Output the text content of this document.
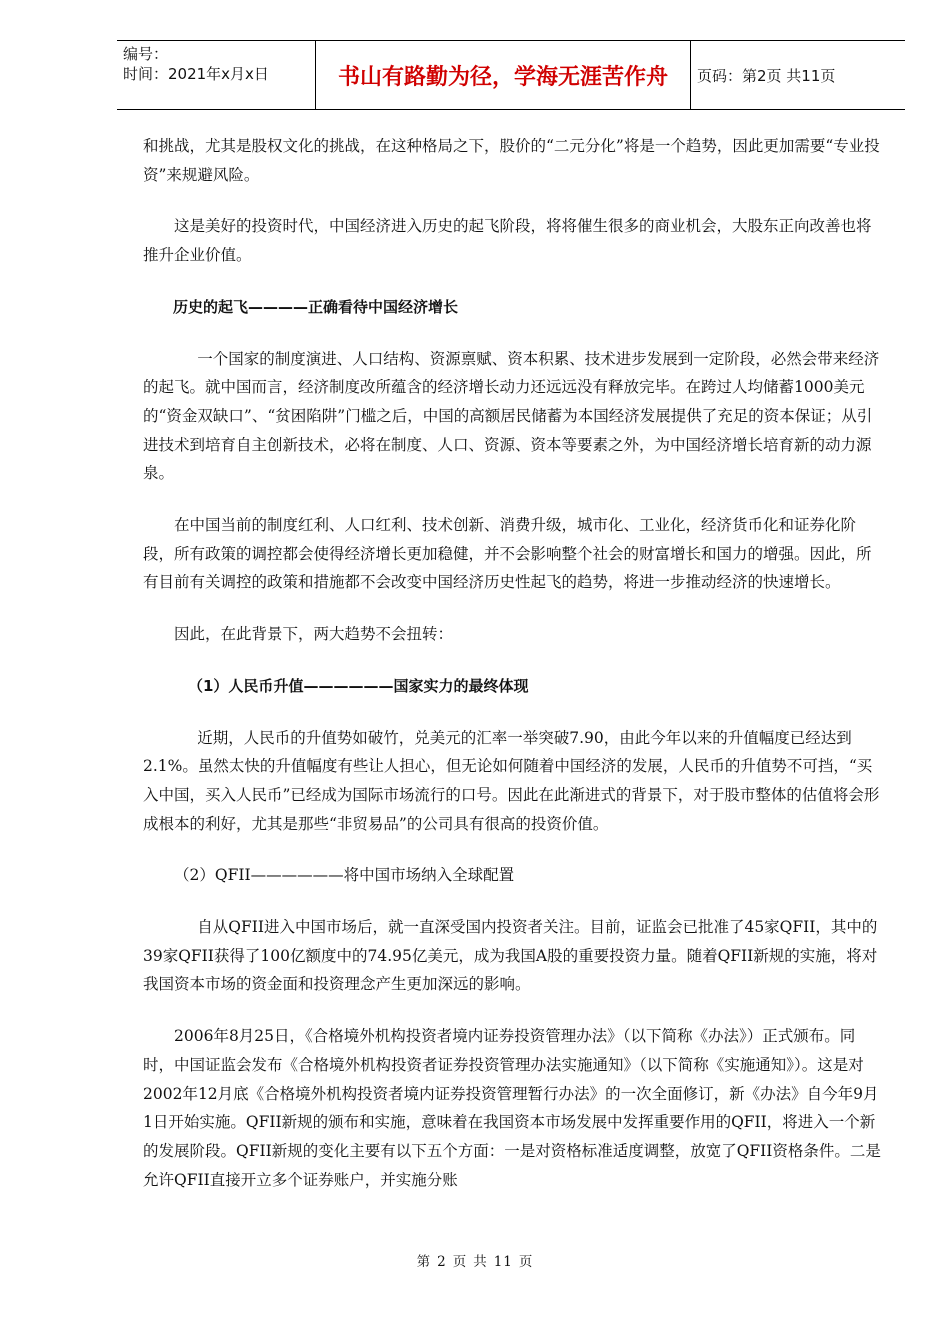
编号：
时间：2021年x月x日	书山有路勤为径，学海无涯苦作舟	页码：第2页 共11页

和挑战，尤其是股权文化的挑战，在这种格局之下，股价的“二元分化”将是一个趋势，因此更加需要“专业投资”来规避风险。

这是美好的投资时代，中国经济进入历史的起飞阶段，将将催生很多的商业机会，大股东正向改善也将推升企业价值。

历史的起飞————正确看待中国经济增长

一个国家的制度演进、人口结构、资源禀赋、资本积累、技术进步发展到一定阶段，必然会带来经济的起飞。就中国而言，经济制度改所蕴含的经济增长动力还远远没有释放完毕。在跨过人均储蓄1000美元的“资金双缺口”、“贫困陷阱”门槛之后，中国的高额居民储蓄为本国经济发展提供了充足的资本保证；从引进技术到培育自主创新技术，必将在制度、人口、资源、资本等要素之外，为中国经济增长培育新的动力源泉。

在中国当前的制度红利、人口红利、技术创新、消费升级，城市化、工业化，经济货币化和证券化阶段，所有政策的调控都会使得经济增长更加稳健，并不会影响整个社会的财富增长和国力的增强。因此，所有目前有关调控的政策和措施都不会改变中国经济历史性起飞的趋势，将进一步推动经济的快速增长。

因此，在此背景下，两大趋势不会扭转：

（1）人民币升值——————国家实力的最终体现

近期，人民币的升值势如破竹，兑美元的汇率一举突破7.90，由此今年以来的升值幅度已经达到2.1%。虽然太快的升值幅度有些让人担心，但无论如何随着中国经济的发展，人民币的升值势不可挡，“买入中国，买入人民币”已经成为国际市场流行的口号。因此在此渐进式的背景下，对于股市整体的估值将会形成根本的利好，尤其是那些“非贸易品”的公司具有很高的投资价值。

（2）QFII——————将中国市场纳入全球配置

自从QFII进入中国市场后，就一直深受国内投资者关注。目前，证监会已批准了45家QFII，其中的39家QFII获得了100亿额度中的74.95亿美元，成为我国A股的重要投资力量。随着QFII新规的实施，将对我国资本市场的资金面和投资理念产生更加深远的影响。

2006年8月25日，《合格境外机构投资者境内证券投资管理办法》（以下简称《办法》）正式颁布。同时，中国证监会发布《合格境外机构投资者证券投资管理办法实施通知》（以下简称《实施通知》）。这是对2002年12月底《合格境外机构投资者境内证券投资管理暂行办法》的一次全面修订，新《办法》自今年9月1日开始实施。QFII新规的颁布和实施，意味着在我国资本市场发展中发挥重要作用的QFII，将进入一个新的发展阶段。QFII新规的变化主要有以下五个方面：一是对资格标准适度调整，放宽了QFII资格条件。二是允许QFII直接开立多个证券账户，并实施分账

第 2 页 共 11 页
